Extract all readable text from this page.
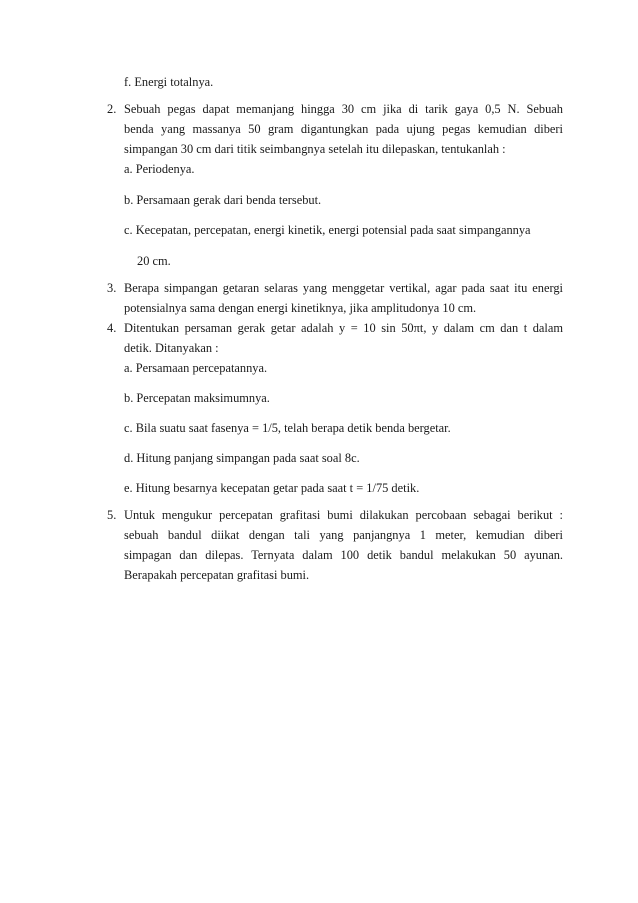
f. Energi totalnya.
2. Sebuah pegas dapat memanjang hingga 30 cm jika di tarik gaya 0,5 N. Sebuah
benda yang massanya 50 gram digantungkan pada ujung pegas kemudian diberi
simpangan 30 cm dari titik seimbangnya setelah itu dilepaskan, tentukanlah :
a. Periodenya.
b. Persamaan gerak dari benda tersebut.
c. Kecepatan, percepatan, energi kinetik, energi potensial pada saat simpangannya
20 cm.
3. Berapa simpangan getaran selaras yang menggetar vertikal, agar pada saat itu energi
potensialnya sama dengan energi kinetiknya, jika amplitudonya 10 cm.
4. Ditentukan persaman gerak getar adalah y = 10 sin 50πt, y dalam cm dan t dalam
detik. Ditanyakan :
a. Persamaan percepatannya.
b. Percepatan maksimumnya.
c. Bila suatu saat fasenya = 1/5, telah berapa detik benda bergetar.
d. Hitung panjang simpangan pada saat soal 8c.
e. Hitung besarnya kecepatan getar pada saat t = 1/75 detik.
5. Untuk mengukur percepatan grafitasi bumi dilakukan percobaan sebagai berikut :
sebuah bandul diikat dengan tali yang panjangnya 1 meter, kemudian diberi
simpagan dan dilepas. Ternyata dalam 100 detik bandul melakukan 50 ayunan.
Berapakah percepatan grafitasi bumi.
